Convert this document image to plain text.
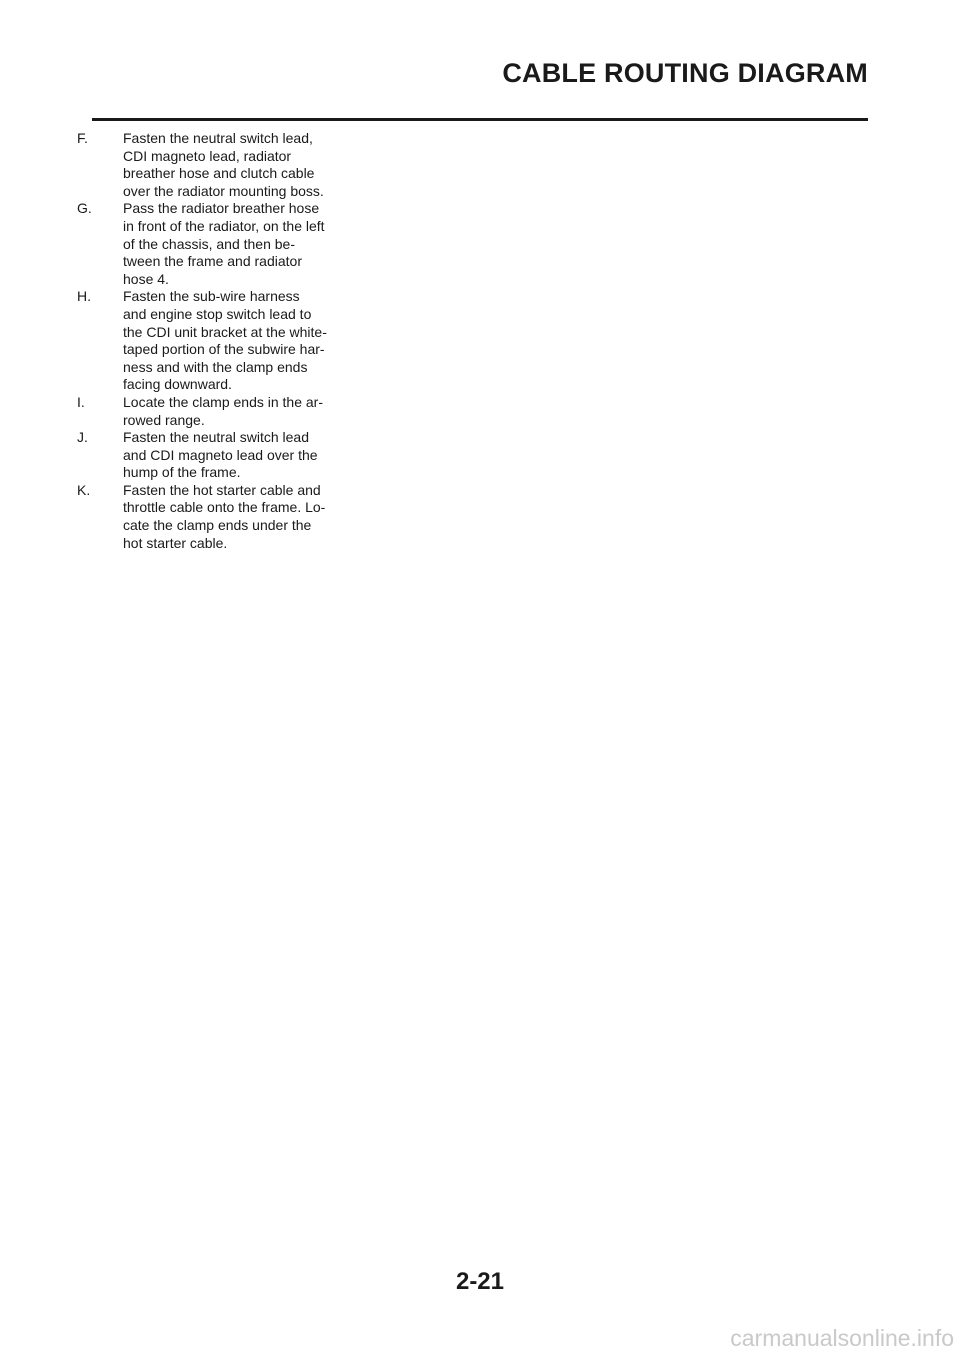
CABLE ROUTING DIAGRAM
F.	Fasten the neutral switch lead,
CDI magneto lead, radiator
breather hose and clutch cable
over the radiator mounting boss.
G.	Pass the radiator breather hose
in front of the radiator, on the left
of the chassis, and then be-
tween the frame and radiator
hose 4.
H.	Fasten the sub-wire harness
and engine stop switch lead to
the CDI unit bracket at the white-
taped portion of the subwire har-
ness and with the clamp ends
facing downward.
I.	Locate the clamp ends in the ar-
rowed range.
J.	Fasten the neutral switch lead
and CDI magneto lead over the
hump of the frame.
K.	Fasten the hot starter cable and
throttle cable onto the frame. Lo-
cate the clamp ends under the
hot starter cable.
2-21
carmanualsonline.info
